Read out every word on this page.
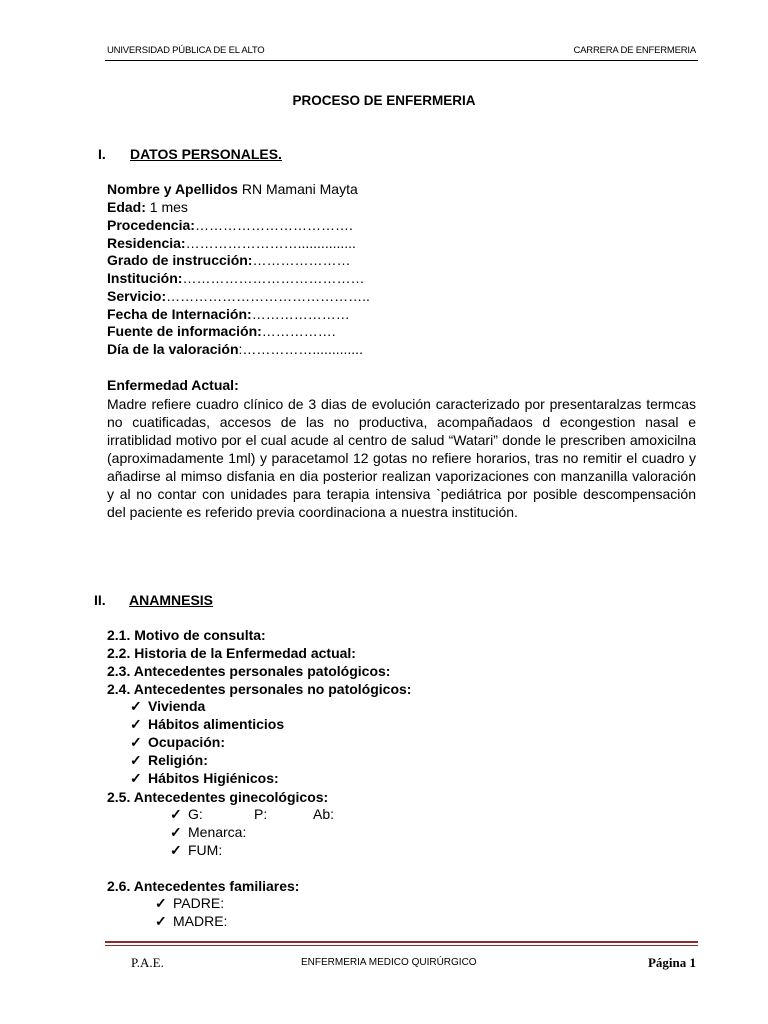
UNIVERSIDAD PÚBLICA DE EL ALTO	CARRERA DE ENFERMERIA
PROCESO DE ENFERMERIA
I. DATOS PERSONALES.
Nombre y Apellidos RN Mamani Mayta
Edad: 1 mes
Procedencia:…………………………….
Residencia:……………………...............
Grado de instrucción:…………………
Institución:…………………………………
Servicio:……………………………………..
Fecha de Internación:…………………
Fuente de información:…………….
Día de la valoración:…………….............
Enfermedad Actual:
Madre refiere cuadro clínico de 3 dias de evolución caracterizado por presentaralzas termcas no cuatificadas, accesos de las no productiva, acompañadaos d econgestion nasal e irratiblidad motivo por el cual acude al centro de salud “Watari” donde le prescriben amoxicilna (aproximadamente 1ml) y paracetamol 12 gotas no refiere horarios, tras no remitir el cuadro y añadirse al mimso disfania en dia posterior realizan vaporizaciones con manzanilla valoración y al no contar con unidades para terapia intensiva `pediátrica por posible descompensación del paciente es referido previa coordinaciona a nuestra institución.
II. ANAMNESIS
2.1. Motivo de consulta:
2.2. Historia de la Enfermedad actual:
2.3. Antecedentes personales patológicos:
2.4. Antecedentes personales no patológicos:
✓ Vivienda
✓ Hábitos alimenticios
✓ Ocupación:
✓ Religión:
✓ Hábitos Higiénicos:
2.5. Antecedentes ginecológicos:
✓ G:	P:	Ab:
✓ Menarca:
✓ FUM:
2.6. Antecedentes familiares:
✓ PADRE:
✓ MADRE:
P.A.E.	ENFERMERIA MEDICO QUIRÚRGICO	Página 1
